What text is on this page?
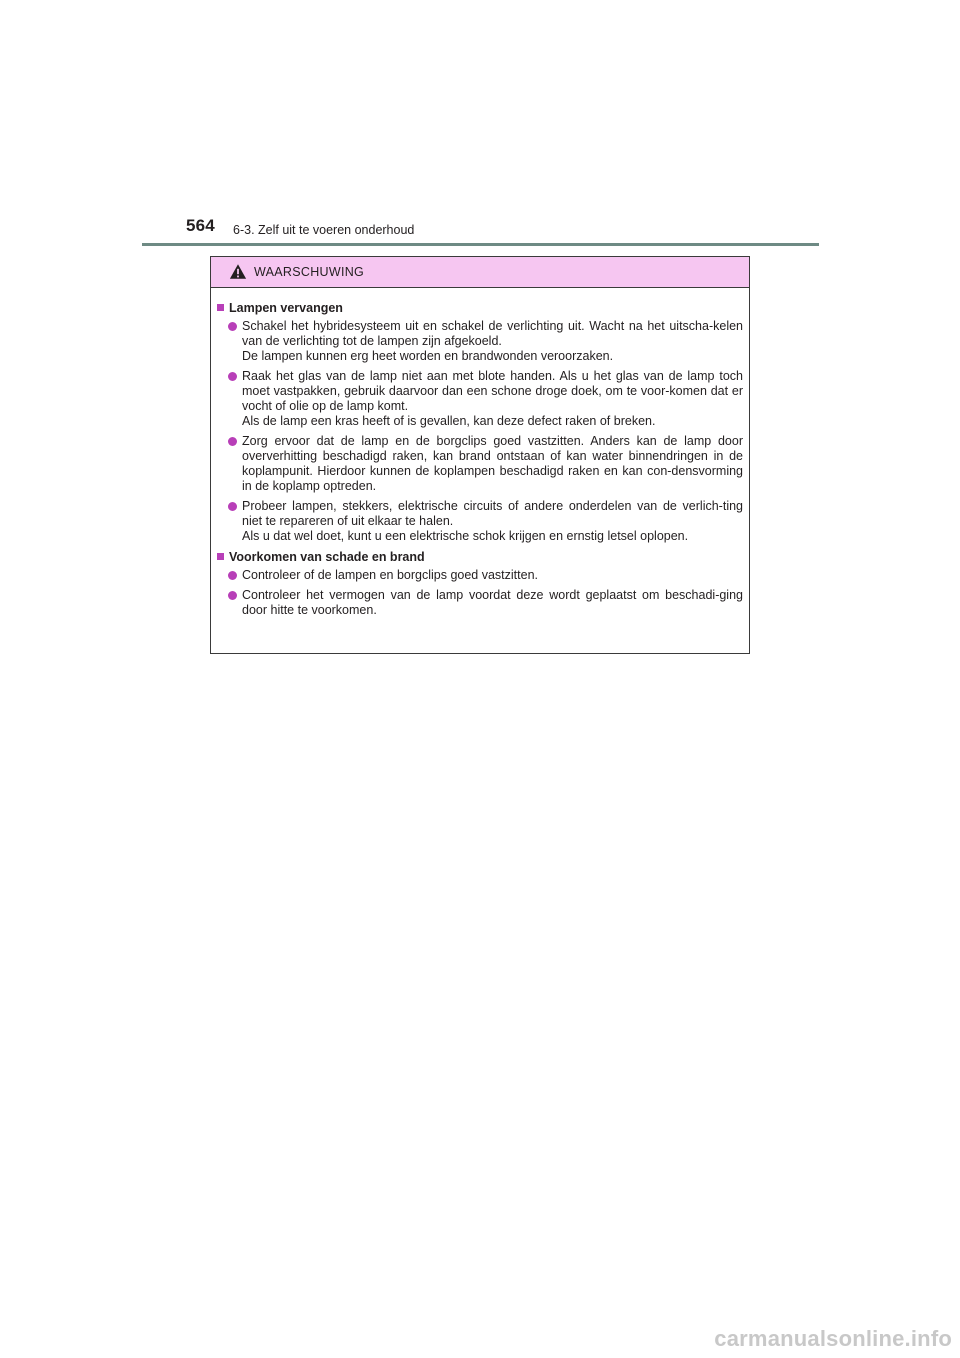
564 6-3. Zelf uit te voeren onderhoud
WAARSCHUWING
Lampen vervangen
Schakel het hybridesysteem uit en schakel de verlichting uit. Wacht na het uitscha-kelen van de verlichting tot de lampen zijn afgekoeld.
De lampen kunnen erg heet worden en brandwonden veroorzaken.
Raak het glas van de lamp niet aan met blote handen. Als u het glas van de lamp toch moet vastpakken, gebruik daarvoor dan een schone droge doek, om te voor-komen dat er vocht of olie op de lamp komt.
Als de lamp een kras heeft of is gevallen, kan deze defect raken of breken.
Zorg ervoor dat de lamp en de borgclips goed vastzitten. Anders kan de lamp door oververhitting beschadigd raken, kan brand ontstaan of kan water binnendringen in de koplampunit. Hierdoor kunnen de koplampen beschadigd raken en kan con-densvorming in de koplamp optreden.
Probeer lampen, stekkers, elektrische circuits of andere onderdelen van de verlich-ting niet te repareren of uit elkaar te halen.
Als u dat wel doet, kunt u een elektrische schok krijgen en ernstig letsel oplopen.
Voorkomen van schade en brand
Controleer of de lampen en borgclips goed vastzitten.
Controleer het vermogen van de lamp voordat deze wordt geplaatst om beschadi-ging door hitte te voorkomen.
carmanualsonline.info
